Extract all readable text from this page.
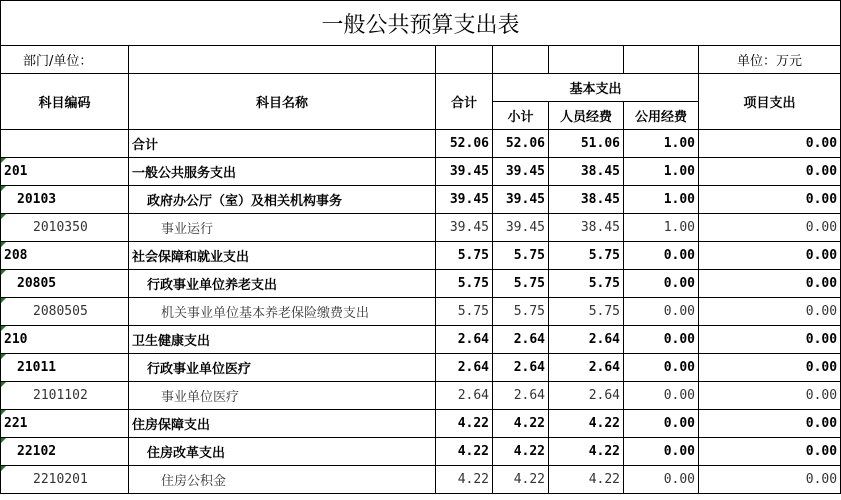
一般公共预算支出表						
部门/单位：						单位：万元
科目编码	科目名称	合计	基本支出			项目支出
			小计	人员经费	公用经费	
	合计	52.06	52.06	51.06	1.00	0.00
201	一般公共服务支出	39.45	39.45	38.45	1.00	0.00
20103	政府办公厅（室）及相关机构事务	39.45	39.45	38.45	1.00	0.00
2010350	事业运行	39.45	39.45	38.45	1.00	0.00
208	社会保障和就业支出	5.75	5.75	5.75	0.00	0.00
20805	行政事业单位养老支出	5.75	5.75	5.75	0.00	0.00
2080505	机关事业单位基本养老保险缴费支出	5.75	5.75	5.75	0.00	0.00
210	卫生健康支出	2.64	2.64	2.64	0.00	0.00
21011	行政事业单位医疗	2.64	2.64	2.64	0.00	0.00
2101102	事业单位医疗	2.64	2.64	2.64	0.00	0.00
221	住房保障支出	4.22	4.22	4.22	0.00	0.00
22102	住房改革支出	4.22	4.22	4.22	0.00	0.00
2210201	住房公积金	4.22	4.22	4.22	0.00	0.00
